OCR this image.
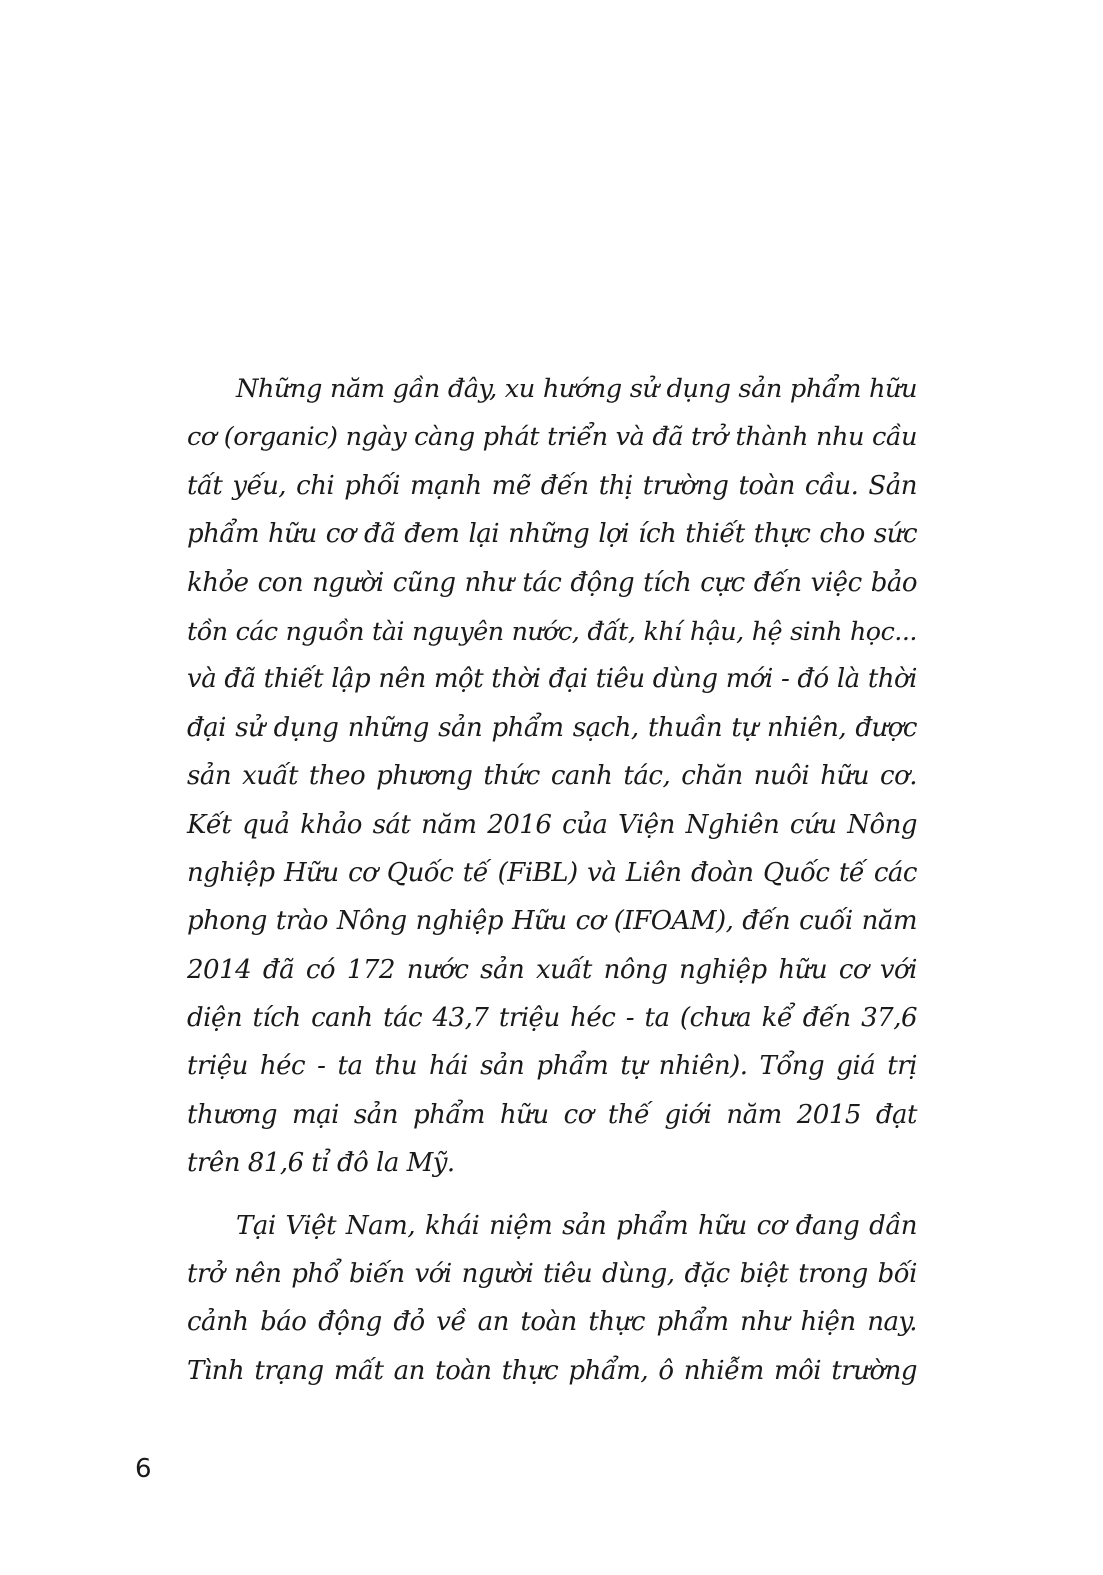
Những năm gần đây, xu hướng sử dụng sản phẩm hữu
cơ (organic) ngày càng phát triển và đã trở thành nhu cầu
tất yếu, chi phối mạnh mẽ đến thị trường toàn cầu. Sản
phẩm hữu cơ đã đem lại những lợi ích thiết thực cho sức
khỏe con người cũng như tác động tích cực đến việc bảo
tồn các nguồn tài nguyên nước, đất, khí hậu, hệ sinh học...
và đã thiết lập nên một thời đại tiêu dùng mới - đó là thời
đại sử dụng những sản phẩm sạch, thuần tự nhiên, được
sản xuất theo phương thức canh tác, chăn nuôi hữu cơ.
Kết quả khảo sát năm 2016 của Viện Nghiên cứu Nông
nghiệp Hữu cơ Quốc tế (FiBL) và Liên đoàn Quốc tế các
phong trào Nông nghiệp Hữu cơ (IFOAM), đến cuối năm
2014 đã có 172 nước sản xuất nông nghiệp hữu cơ với
diện tích canh tác 43,7 triệu héc - ta (chưa kể đến 37,6
triệu héc - ta thu hái sản phẩm tự nhiên). Tổng giá trị
thương mại sản phẩm hữu cơ thế giới năm 2015 đạt
trên 81,6 tỉ đô la Mỹ.

Tại Việt Nam, khái niệm sản phẩm hữu cơ đang dần
trở nên phổ biến với người tiêu dùng, đặc biệt trong bối
cảnh báo động đỏ về an toàn thực phẩm như hiện nay.
Tình trạng mất an toàn thực phẩm, ô nhiễm môi trường

6
